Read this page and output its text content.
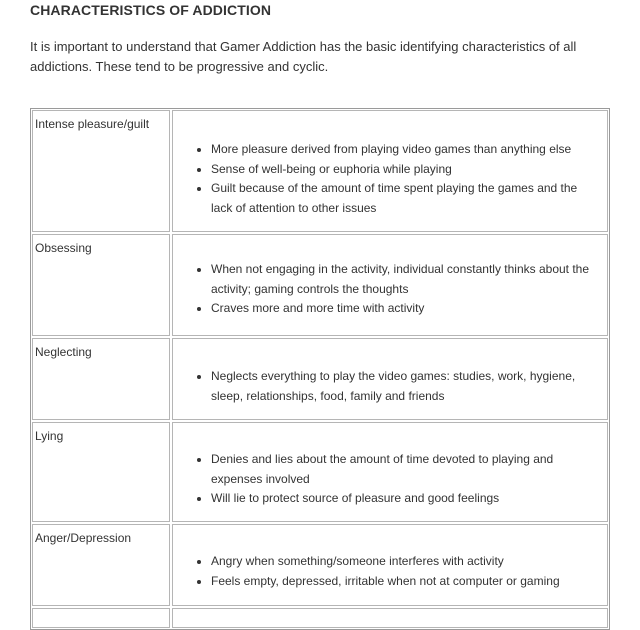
CHARACTERISTICS OF ADDICTION
It is important to understand that Gamer Addiction has the basic identifying characteristics of all addictions. These tend to be progressive and cyclic.
Intense pleasure/guilt
• More pleasure derived from playing video games than anything else
• Sense of well-being or euphoria while playing
• Guilt because of the amount of time spent playing the games and the lack of attention to other issues
Obsessing
• When not engaging in the activity, individual constantly thinks about the activity; gaming controls the thoughts
• Craves more and more time with activity
Neglecting
• Neglects everything to play the video games: studies, work, hygiene, sleep, relationships, food, family and friends
Lying
• Denies and lies about the amount of time devoted to playing and expenses involved
• Will lie to protect source of pleasure and good feelings
Anger/Depression
• Angry when something/someone interferes with activity
• Feels empty, depressed, irritable when not at computer or gaming
